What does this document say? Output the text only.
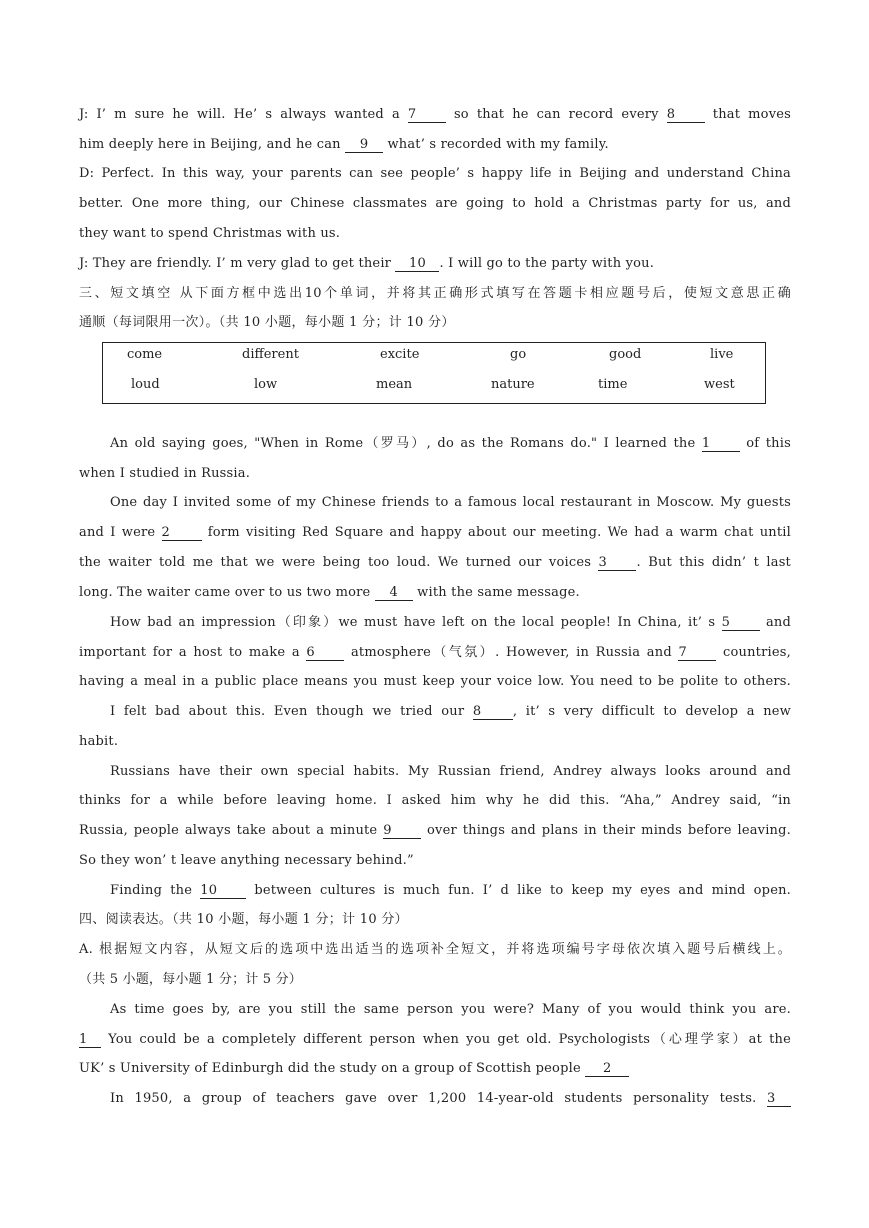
J: I’ m sure he will. He’ s always wanted a 7	so that he can record every 8	that moves
him deeply here in Beijing, and he can 9 what’ s recorded with my family.
D: Perfect. In this way, your parents can see people’ s happy life in Beijing and understand China
better. One more thing, our Chinese classmates are going to hold a Christmas party for us, and
they want to spend Christmas with us.
J: They are friendly. I’ m very glad to get their 10 . I will go to the party with you.
三、短文填空 从下面方框中选出10个单词，并将其正确形式填写在答题卡相应题号后，使短文意思正确
通顺（每词限用一次）。（共 10 小题，每小题 1 分；计 10 分）
come	different	excite	go	good	live
loud	low	mean	nature	time	west
An old saying goes, "When in Rome（罗马）, do as the Romans do." I learned the 1	of this
when I studied in Russia.
One day I invited some of my Chinese friends to a famous local restaurant in Moscow. My guests
and I were 2	form visiting Red Square and happy about our meeting. We had a warm chat until
the waiter told me that we were being too loud. We turned our voices 3 . But this didn’ t last
long. The waiter came over to us two more 4 with the same message.
How bad an impression（印象）we must have left on the local people! In China, it’ s 5	and
important for a host to make a 6	atmosphere（气氛）. However, in Russia and 7	countries,
having a meal in a public place means you must keep your voice low. You need to be polite to others.
I felt bad about this. Even though we tried our 8 , it’ s very difficult to develop a new
habit.
Russians have their own special habits. My Russian friend, Andrey always looks around and
thinks for a while before leaving home. I asked him why he did this. “Aha,” Andrey said, “in
Russia, people always take about a minute 9	over things and plans in their minds before leaving.
So they won’ t leave anything necessary behind.”
Finding the 10	between cultures is much fun. I’ d like to keep my eyes and mind open.
四、阅读表达。（共 10 小题，每小题 1 分；计 10 分）
A. 根据短文内容，从短文后的选项中选出适当的选项补全短文，并将选项编号字母依次填入题号后横线上。
（共 5 小题，每小题 1 分；计 5 分）
As time goes by, are you still the same person you were? Many of you would think you are.
1 You could be a completely different person when you get old. Psychologists（心理学家）at the
UK’ s University of Edinburgh did the study on a group of Scottish people 2
In 1950, a group of teachers gave over 1,200 14-year-old students personality tests. 3
